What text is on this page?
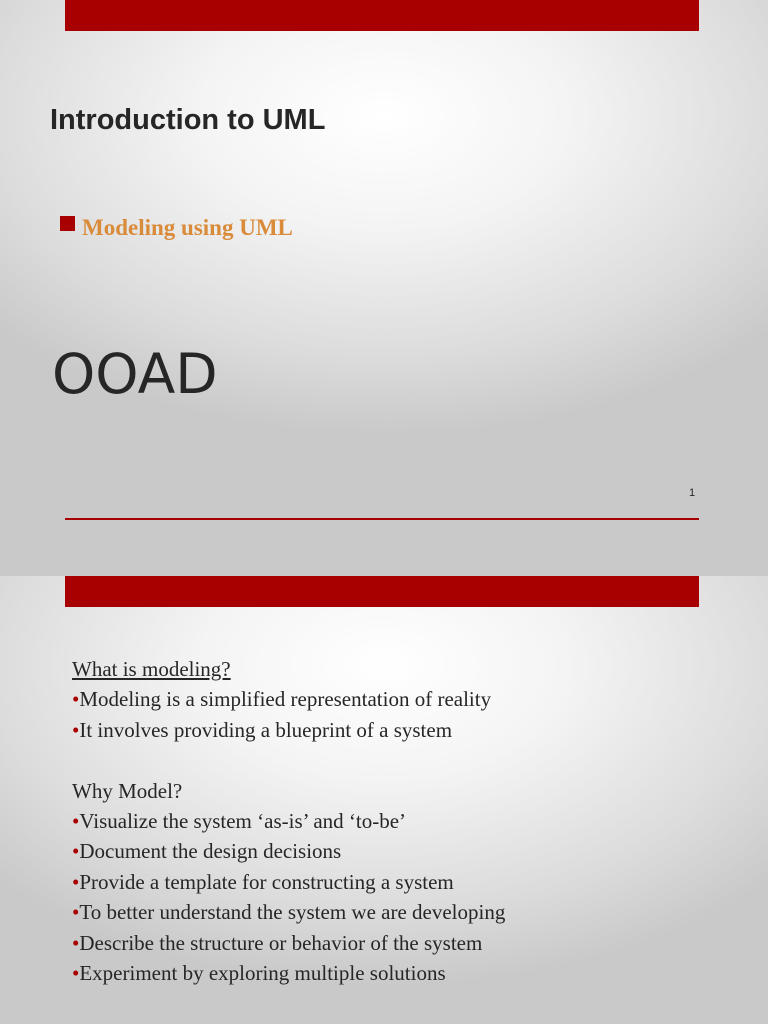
Introduction to UML
Modeling using UML
OOAD
1
What is modeling?
•Modeling is a simplified representation of reality
•It involves providing a blueprint of a system
Why Model?
•Visualize the system ‘as-is’ and ‘to-be’
•Document the design decisions
•Provide a template for constructing a system
•To better understand the system we are developing
•Describe the structure or behavior of the system
•Experiment by exploring multiple solutions
